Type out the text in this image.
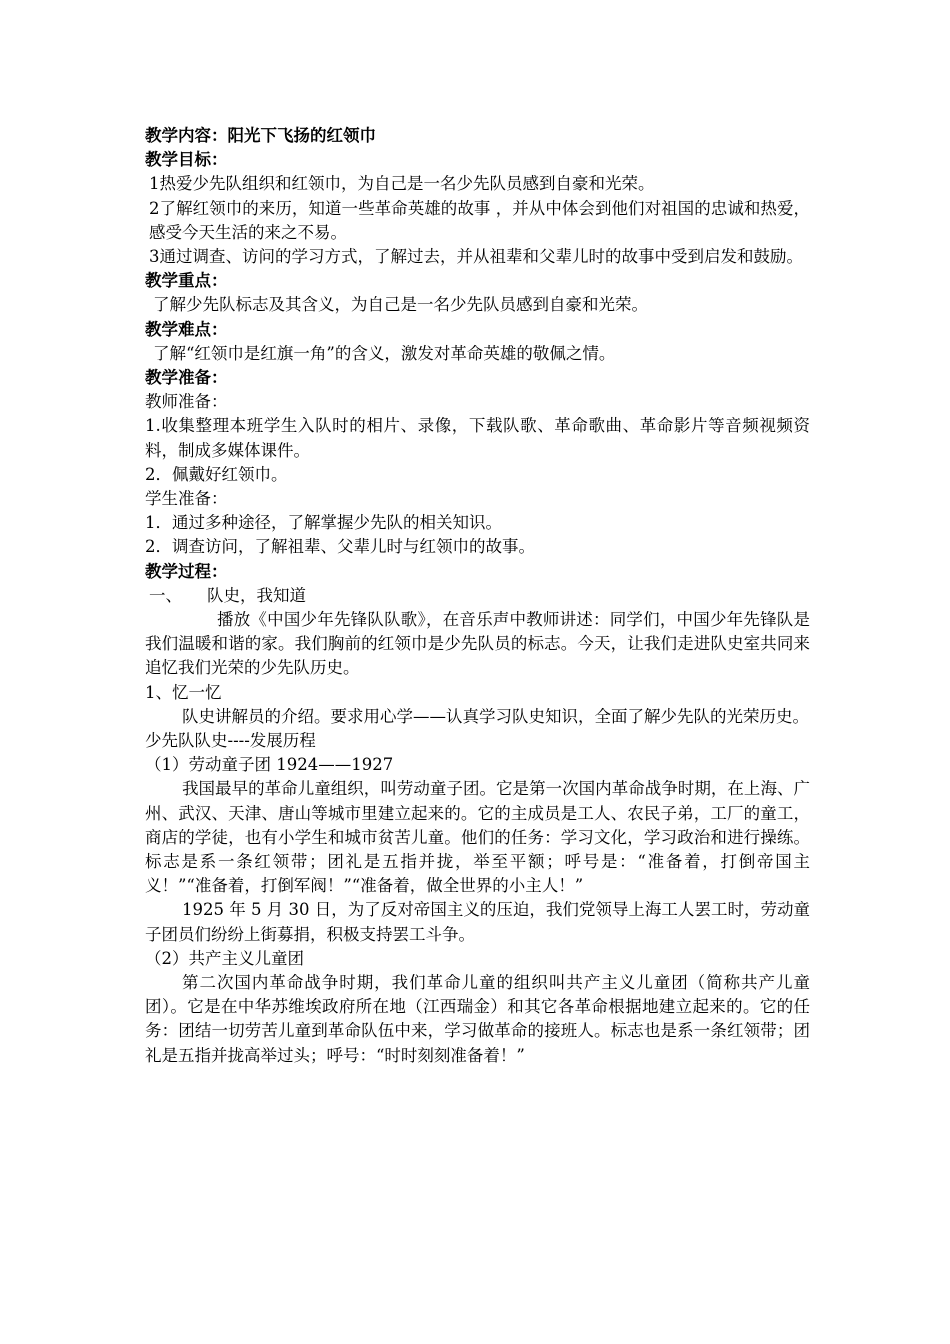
教学内容：阳光下飞扬的红领巾
教学目标：
1热爱少先队组织和红领巾，为自己是一名少先队员感到自豪和光荣。
2了解红领巾的来历，知道一些革命英雄的故事 ，并从中体会到他们对祖国的忠诚和热爱，感受今天生活的来之不易。
3通过调查、访问的学习方式，了解过去，并从祖辈和父辈儿时的故事中受到启发和鼓励。
教学重点：
了解少先队标志及其含义，为自己是一名少先队员感到自豪和光荣。
教学难点：
了解“红领巾是红旗一角”的含义，激发对革命英雄的敬佩之情。
教学准备：
教师准备：
1.收集整理本班学生入队时的相片、录像，下载队歌、革命歌曲、革命影片等音频视频资料，制成多媒体课件。
2．佩戴好红领巾。
学生准备：
1．通过多种途径，了解掌握少先队的相关知识。
2．调查访问，了解祖辈、父辈儿时与红领巾的故事。
教学过程：
一、 队史，我知道
播放《中国少年先锋队队歌》，在音乐声中教师讲述：同学们，中国少年先锋队是我们温暖和谐的家。我们胸前的红领巾是少先队员的标志。今天，让我们走进队史室共同来追忆我们光荣的少先队历史。
1、忆一忆
队史讲解员的介绍。要求用心学——认真学习队史知识，全面了解少先队的光荣历史。
少先队队史----发展历程
（1）劳动童子团 1924——1927
我国最早的革命儿童组织，叫劳动童子团。它是第一次国内革命战争时期，在上海、广州、武汉、天津、唐山等城市里建立起来的。它的主成员是工人、农民子弟，工厂的童工，商店的学徒，也有小学生和城市贫苦儿童。他们的任务：学习文化，学习政治和进行操练。标志是系一条红领带；团礼是五指并拢，举至平额；呼号是：“准备着，打倒帝国主义！”“准备着，打倒军阀！”“准备着，做全世界的小主人！”
1925 年 5 月 30 日，为了反对帝国主义的压迫，我们党领导上海工人罢工时，劳动童子团员们纷纷上街募捐，积极支持罢工斗争。
（2）共产主义儿童团
第二次国内革命战争时期，我们革命儿童的组织叫共产主义儿童团（简称共产儿童团）。它是在中华苏维埃政府所在地（江西瑞金）和其它各革命根据地建立起来的。它的任务：团结一切劳苦儿童到革命队伍中来，学习做革命的接班人。标志也是系一条红领带；团礼是五指并拢高举过头；呼号：“时时刻刻准备着！”
